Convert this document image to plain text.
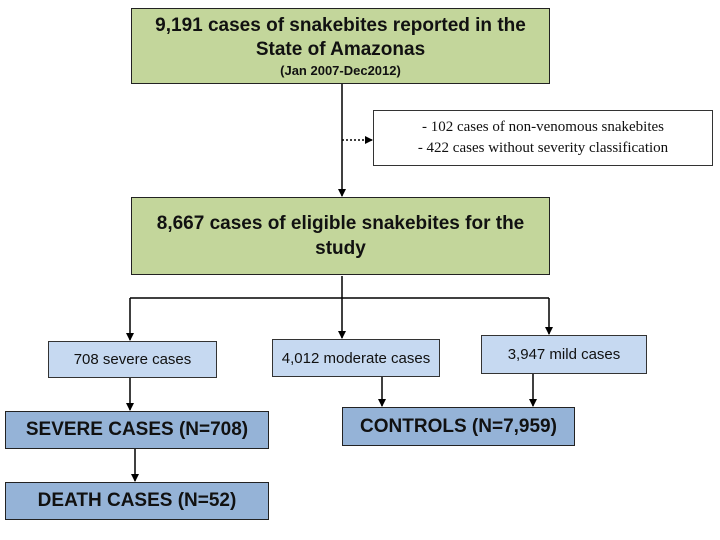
9,191 cases of snakebites reported in the
State of Amazonas
(Jan 2007-Dec2012)
- 102 cases of non-venomous snakebites
- 422 cases without severity classification
8,667 cases of eligible snakebites for the
study
708 severe cases	4,012 moderate cases	3,947 mild cases
SEVERE CASES (N=708)	CONTROLS (N=7,959)
DEATH CASES (N=52)
